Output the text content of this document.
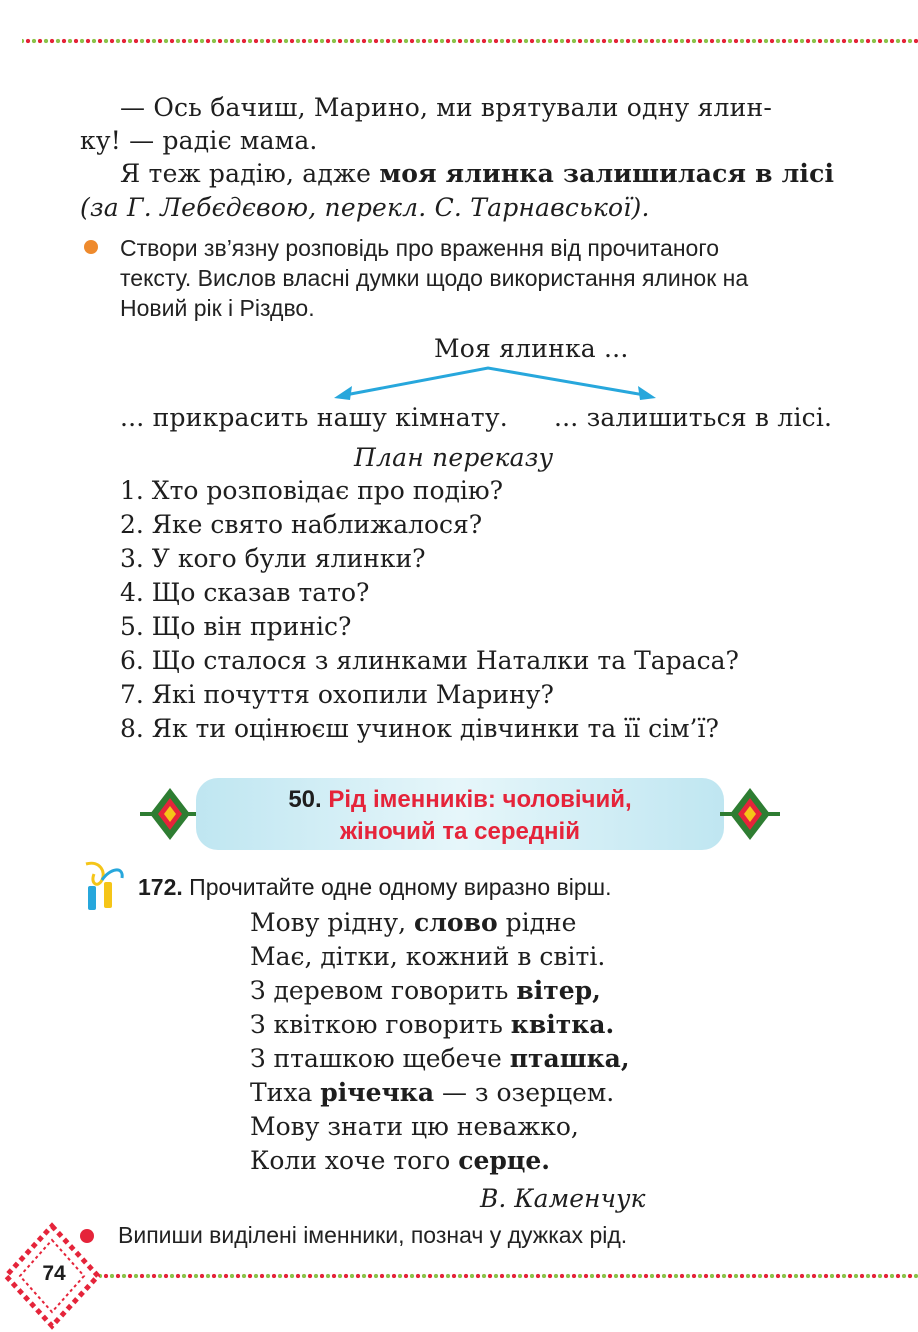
— Ось бачиш, Марино, ми врятували одну ялин-
ку! — радіє мама.
Я теж радію, адже моя ялинка залишилася в лісі
(за Г. Лебєдєвою, перекл. С. Тарнавської).
Створи зв’язну розповідь про враження від прочитаного
тексту. Вислов власні думки щодо використання ялинок на
Новий рік і Різдво.
Моя ялинка ...
... прикрасить нашу кімнату. ... залишиться в лісі.
План переказу
1. Хто розповідає про подію?
2. Яке свято наближалося?
3. У кого були ялинки?
4. Що сказав тато?
5. Що він приніс?
6. Що сталося з ялинками Наталки та Тараса?
7. Які почуття охопили Марину?
8. Як ти оцінюєш учинок дівчинки та її сім’ї?
50. Рід іменників: чоловічий,
жіночий та середній
172. Прочитайте одне одному виразно вірш.
Мову рідну, слово рідне
Має, дітки, кожний в світі.
З деревом говорить вітер,
З квіткою говорить квітка.
З пташкою щебече пташка,
Тиха річечка — з озерцем.
Мову знати цю неважко,
Коли хоче того серце.
В. Каменчук
Випиши виділені іменники, познач у дужках рід.
74
